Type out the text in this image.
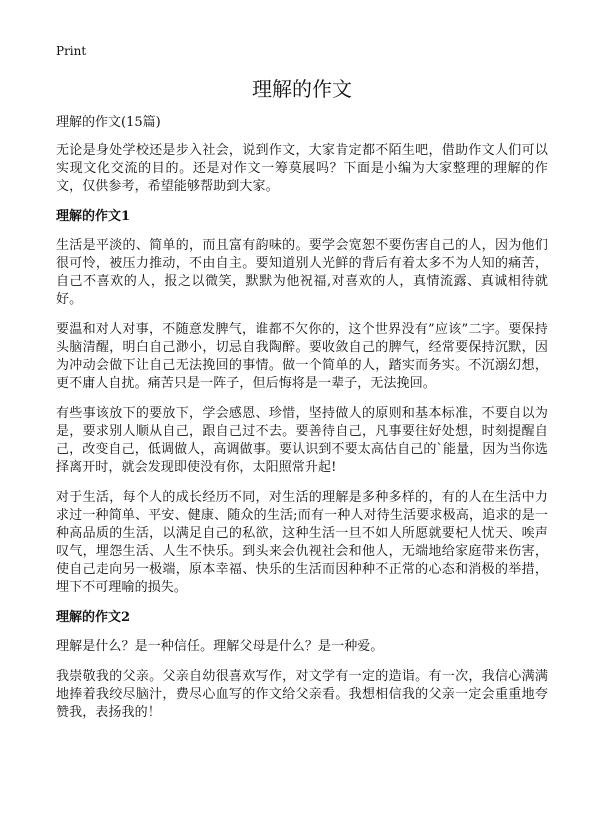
Print
理解的作文

理解的作文(15篇)

无论是身处学校还是步入社会，说到作文，大家肯定都不陌生吧，借助作文人们可以实现文化交流的目的。还是对作文一筹莫展吗？下面是小编为大家整理的理解的作文，仅供参考，希望能够帮助到大家。

理解的作文1

生活是平淡的、简单的，而且富有韵味的。要学会宽恕不要伤害自己的人，因为他们很可怜，被压力推动，不由自主。要知道别人光鲜的背后有着太多不为人知的痛苦，自己不喜欢的人，报之以微笑，默默为他祝福,对喜欢的人，真情流露、真诚相待就好。

要温和对人对事，不随意发脾气，谁都不欠你的，这个世界没有”应该”二字。要保持头脑清醒，明白自己渺小，切忌自我陶醉。要收敛自己的脾气，经常要保持沉默，因为冲动会做下让自己无法挽回的事情。做一个简单的人，踏实而务实。不沉溺幻想，更不庸人自扰。痛苦只是一阵子，但后悔将是一辈子，无法挽回。

有些事该放下的要放下，学会感恩、珍惜，坚持做人的原则和基本标准，不要自以为是，要求别人顺从自己，跟自己过不去。要善待自己，凡事要往好处想，时刻提醒自己，改变自己，低调做人，高调做事。要认识到不要太高估自己的`能量，因为当你选择离开时，就会发现即使没有你，太阳照常升起!

对于生活，每个人的成长经历不同，对生活的理解是多种多样的，有的人在生活中力求过一种简单、平安、健康、随众的生活;而有一种人对待生活要求极高，追求的是一种高品质的生活，以满足自己的私欲，这种生活一旦不如人所愿就要杞人忧天、唉声叹气，埋怨生活、人生不快乐。到头来会仇视社会和他人，无端地给家庭带来伤害，使自己走向另一极端，原本幸福、快乐的生活而因种种不正常的心态和消极的举措，埋下不可理喻的损失。

理解的作文2

理解是什么？是一种信任。理解父母是什么？是一种爱。

我崇敬我的父亲。父亲自幼很喜欢写作，对文学有一定的造诣。有一次，我信心满满地捧着我绞尽脑汁，费尽心血写的作文给父亲看。我想相信我的父亲一定会重重地夸赞我，表扬我的！
